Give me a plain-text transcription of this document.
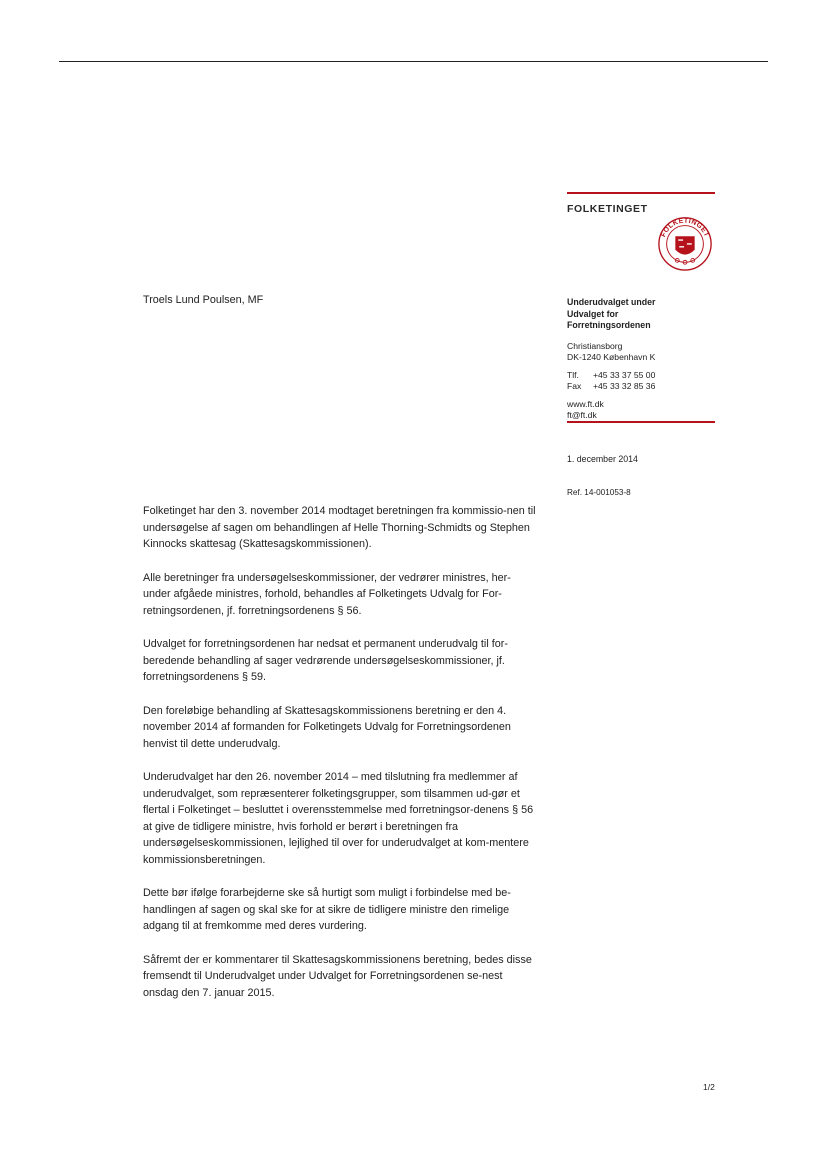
FOLKETINGET
FOLKETINGET
Underudvalget under
Udvalget for
Forretningsordenen
Christiansborg
DK-1240 København K
Tlf. +45 33 37 55 00
Fax +45 33 32 85 36
www.ft.dk
ft@ft.dk
1. december 2014
Ref. 14-001053-8
Troels Lund Poulsen, MF

Folketinget har den 3. november 2014 modtaget beretningen fra kommissio-nen til undersøgelse af sagen om behandlingen af Helle Thorning-Schmidts og Stephen Kinnocks skattesag (Skattesagskommissionen).

Alle beretninger fra undersøgelseskommissioner, der vedrører ministres, her-under afgåede ministres, forhold, behandles af Folketingets Udvalg for For-retningsordenen, jf. forretningsordenens § 56.

Udvalget for forretningsordenen har nedsat et permanent underudvalg til for-beredende behandling af sager vedrørende undersøgelseskommissioner, jf. forretningsordenens § 59.

Den foreløbige behandling af Skattesagskommissionens beretning er den 4. november 2014 af formanden for Folketingets Udvalg for Forretningsordenen henvist til dette underudvalg.

Underudvalget har den 26. november 2014 – med tilslutning fra medlemmer af underudvalget, som repræsenterer folketingsgrupper, som tilsammen ud-gør et flertal i Folketinget – besluttet i overensstemmelse med forretningsor-denens § 56 at give de tidligere ministre, hvis forhold er berørt i beretningen fra undersøgelseskommissionen, lejlighed til over for underudvalget at kom-mentere kommissionsberetningen.

Dette bør ifølge forarbejderne ske så hurtigt som muligt i forbindelse med be-handlingen af sagen og skal ske for at sikre de tidligere ministre den rimelige adgang til at fremkomme med deres vurdering.

Såfremt der er kommentarer til Skattesagskommissionens beretning, bedes disse fremsendt til Underudvalget under Udvalget for Forretningsordenen se-nest onsdag den 7. januar 2015.

1/2
